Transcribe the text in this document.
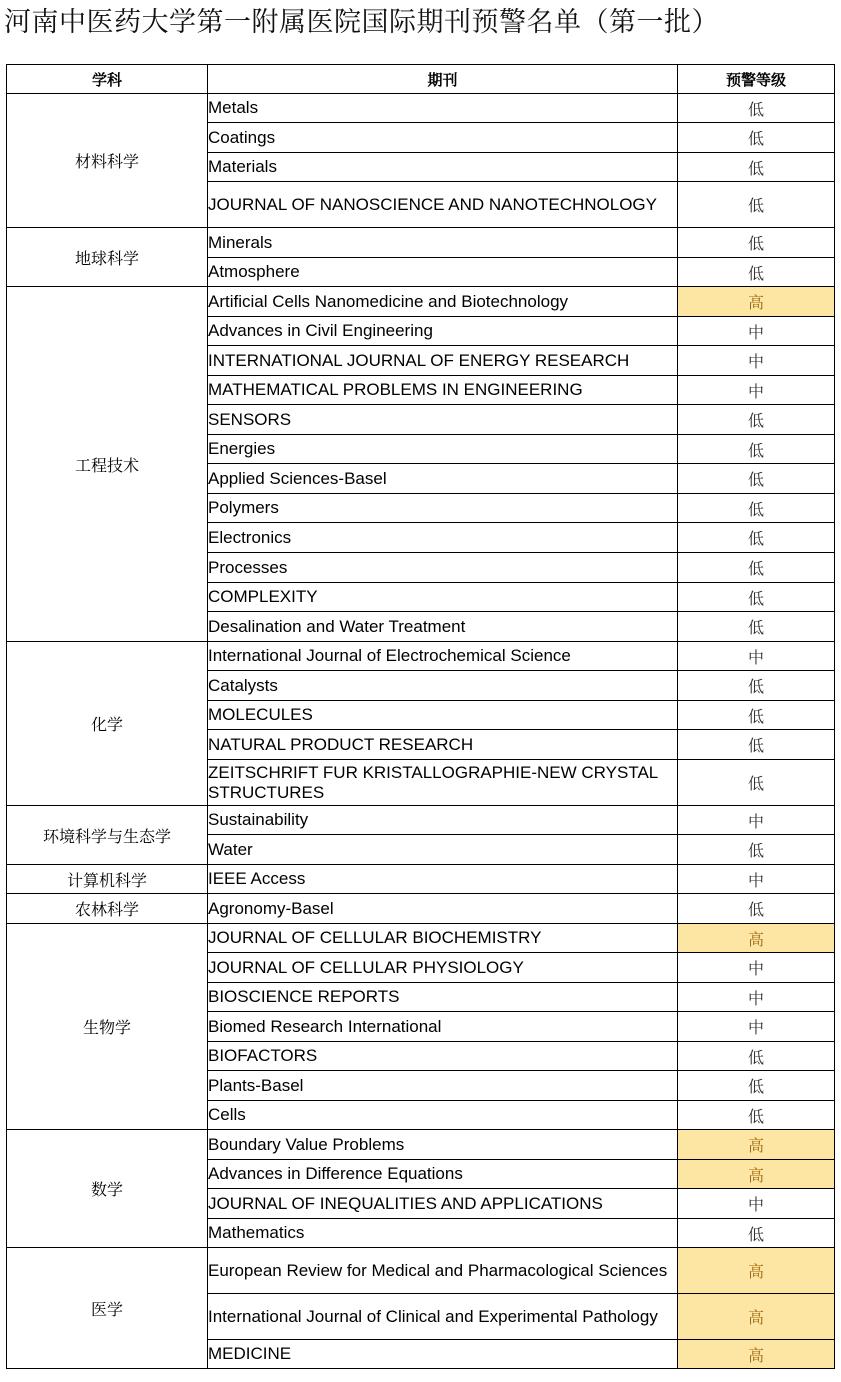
河南中医药大学第一附属医院国际期刊预警名单（第一批）
学科	期刊	预警等级
材料科学	Metals	低
	Coatings	低
	Materials	低
	JOURNAL OF NANOSCIENCE AND NANOTECHNOLOGY	低
地球科学	Minerals	低
	Atmosphere	低
工程技术	Artificial Cells Nanomedicine and Biotechnology	高
	Advances in Civil Engineering	中
	INTERNATIONAL JOURNAL OF ENERGY RESEARCH	中
	MATHEMATICAL PROBLEMS IN ENGINEERING	中
	SENSORS	低
	Energies	低
	Applied Sciences-Basel	低
	Polymers	低
	Electronics	低
	Processes	低
	COMPLEXITY	低
	Desalination and Water Treatment	低
化学	International Journal of Electrochemical Science	中
	Catalysts	低
	MOLECULES	低
	NATURAL PRODUCT RESEARCH	低
	ZEITSCHRIFT FUR KRISTALLOGRAPHIE-NEW CRYSTAL STRUCTURES	低
环境科学与生态学	Sustainability	中
	Water	低
计算机科学	IEEE Access	中
农林科学	Agronomy-Basel	低
生物学	JOURNAL OF CELLULAR BIOCHEMISTRY	高
	JOURNAL OF CELLULAR PHYSIOLOGY	中
	BIOSCIENCE REPORTS	中
	Biomed Research International	中
	BIOFACTORS	低
	Plants-Basel	低
	Cells	低
数学	Boundary Value Problems	高
	Advances in Difference Equations	高
	JOURNAL OF INEQUALITIES AND APPLICATIONS	中
	Mathematics	低
医学	European Review for Medical and Pharmacological Sciences	高
	International Journal of Clinical and Experimental Pathology	高
	MEDICINE	高
